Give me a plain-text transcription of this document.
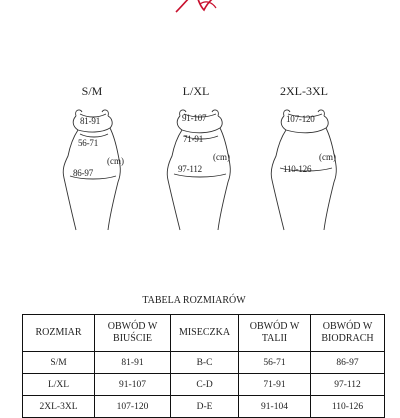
S/M	L/XL	2XL-3XL
81-91
56-71
86-97
(cm)
91-107
71-91
97-112
(cm)
107-120
110-126
(cm)
TABELA ROZMIARÓW
ROZMIAR	OBWÓD W BIUŚCIE	MISECZKA	OBWÓD W TALII	OBWÓD W BIODRACH
S/M	81-91	B-C	56-71	86-97
L/XL	91-107	C-D	71-91	97-112
2XL-3XL	107-120	D-E	91-104	110-126
